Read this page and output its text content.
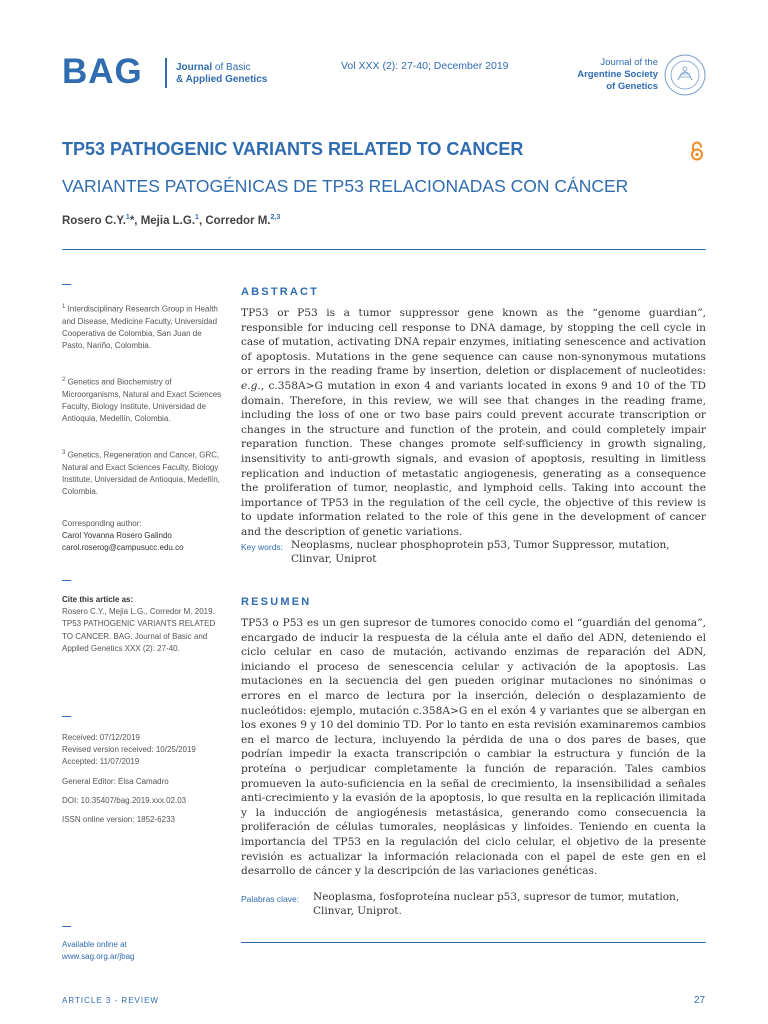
BAG	Journal of Basic
& Applied Genetics
Vol XXX (2): 27-40; December 2019	Journal of the
Argentine Society
of Genetics
TP53 PATHOGENIC VARIANTS RELATED TO CANCER
VARIANTES PATOGÉNICAS DE TP53 RELACIONADAS CON CÁNCER
Rosero C.Y.$^1$*, Mejia L.G.$^1$, Corredor M.$^{2,3}$
$^1$ Interdisciplinary Research Group in Health and Disease, Medicine Faculty, Universidad Cooperativa de Colombia, San Juan de Pasto, Nariño, Colombia.
$^2$ Genetics and Biochemistry of Microorganisms, Natural and Exact Sciences Faculty, Biology Institute, Universidad de Antioquia, Medellín, Colombia.
$^3$ Genetics, Regeneration and Cancer, GRC, Natural and Exact Sciences Faculty, Biology Institute, Universidad de Antioquia, Medellín, Colombia.
Corresponding author:
Carol Yovanna Rosero Galindo
carol.roserog@campusucc.edu.co
Cite this article as:
Rosero C.Y., Mejia L.G., Corredor M. 2019. TP53 PATHOGENIC VARIANTS RELATED TO CANCER. BAG. Journal of Basic and Applied Genetics XXX (2): 27-40.
Received: 07/12/2019
Revised version received: 10/25/2019
Accepted: 11/07/2019
General Editor: Elsa Camadro
DOI: 10.35407/bag.2019.xxx.02.03
ISSN online version: 1852-6233
Available online at
www.sag.org.ar/jbag
ABSTRACT
TP53 or P53 is a tumor suppressor gene known as the “genome guardian”, responsible for inducing cell response to DNA damage, by stopping the cell cycle in case of mutation, activating DNA repair enzymes, initiating senescence and activation of apoptosis. Mutations in the gene sequence can cause non-synonymous mutations or errors in the reading frame by insertion, deletion or displacement of nucleotides: e.g., c.358A>G mutation in exon 4 and variants located in exons 9 and 10 of the TD domain. Therefore, in this review, we will see that changes in the reading frame, including the loss of one or two base pairs could prevent accurate transcription or changes in the structure and function of the protein, and could completely impair reparation function. These changes promote self-sufficiency in growth signaling, insensitivity to anti-growth signals, and evasion of apoptosis, resulting in limitless replication and induction of metastatic angiogenesis, generating as a consequence the proliferation of tumor, neoplastic, and lymphoid cells. Taking into account the importance of TP53 in the regulation of the cell cycle, the objective of this review is to update information related to the role of this gene in the development of cancer and the description of genetic variations.
Key words: Neoplasms, nuclear phosphoprotein p53, Tumor Suppressor, mutation, Clinvar, Uniprot
RESUMEN
TP53 o P53 es un gen supresor de tumores conocido como el “guardián del genoma”, encargado de inducir la respuesta de la célula ante el daño del ADN, deteniendo el ciclo celular en caso de mutación, activando enzimas de reparación del ADN, iniciando el proceso de senescencia celular y activación de la apoptosis. Las mutaciones en la secuencia del gen pueden originar mutaciones no sinónimas o errores en el marco de lectura por la inserción, deleción o desplazamiento de nucleótidos: ejemplo, mutación c.358A>G en el exón 4 y variantes que se albergan en los exones 9 y 10 del dominio TD. Por lo tanto en esta revisión examinaremos cambios en el marco de lectura, incluyendo la pérdida de una o dos pares de bases, que podrían impedir la exacta transcripción o cambiar la estructura y función de la proteína o perjudicar completamente la función de reparación. Tales cambios promueven la auto-suficiencia en la señal de crecimiento, la insensibilidad a señales anti-crecimiento y la evasión de la apoptosis, lo que resulta en la replicación ilimitada y la inducción de angiogénesis metastásica, generando como consecuencia la proliferación de células tumorales, neoplásicas y linfoides. Teniendo en cuenta la importancia del TP53 en la regulación del ciclo celular, el objetivo de la presente revisión es actualizar la información relacionada con el papel de este gen en el desarrollo de cáncer y la descripción de las variaciones genéticas.
Palabras clave: Neoplasma, fosfoproteína nuclear p53, supresor de tumor, mutation, Clinvar, Uniprot.
ARTICLE 3 - REVIEW	27
